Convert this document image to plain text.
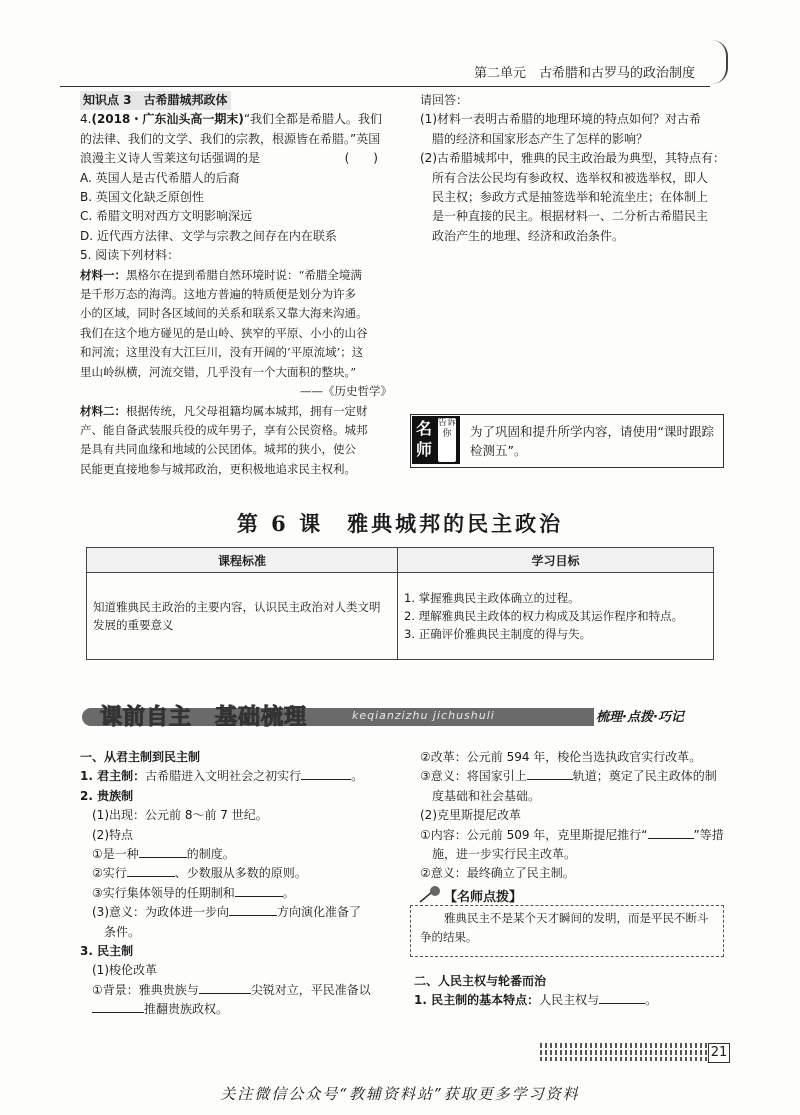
第二单元　古希腊和古罗马的政治制度

知识点 3　古希腊城邦政体

4.(2018・广东汕头高一期末)“我们全都是希腊人。我们

的法律、我们的文学、我们的宗教，根源皆在希腊。”英国

浪漫主义诗人雪莱这句话强调的是	(　　)

A. 英国人是古代希腊人的后裔

B. 英国文化缺乏原创性

C. 希腊文明对西方文明影响深远

D. 近代西方法律、文学与宗教之间存在内在联系

5. 阅读下列材料：

材料一：黑格尔在提到希腊自然环境时说：“希腊全境满

是千形万态的海湾。这地方普遍的特质便是划分为许多

小的区域，同时各区域间的关系和联系又靠大海来沟通。

我们在这个地方碰见的是山岭、狭窄的平原、小小的山谷

和河流；这里没有大江巨川，没有开阔的‘平原流域’；这

里山岭纵横，河流交错，几乎没有一个大面积的整块。”

——《历史哲学》

材料二：根据传统，凡父母祖籍均属本城邦，拥有一定财

产、能自备武装服兵役的成年男子，享有公民资格。城邦

是具有共同血缘和地域的公民团体。城邦的狭小，使公

民能更直接地参与城邦政治，更积极地追求民主权利。

请回答：

(1)材料一表明古希腊的地理环境的特点如何？对古希

腊的经济和国家形态产生了怎样的影响？

(2)古希腊城邦中，雅典的民主政治最为典型，其特点有：

所有合法公民均有参政权、选举权和被选举权，即人

民主权；参政方式是抽签选举和轮流坐庄；在体制上

是一种直接的民主。根据材料一、二分析古希腊民主

政治产生的地理、经济和政治条件。

名
师
告诉你	为了巩固和提升所学内容，请使用“课时跟踪检测五”。
第 6 课　雅典城邦的民主政治
课程标准	学习目标
知道雅典民主政治的主要内容，认识民主政治对人类文明发展的重要意义	1. 掌握雅典民主政体确立的过程。
2. 理解雅典民主政体的权力构成及其运作程序和特点。
3. 正确评价雅典民主制度的得与失。
课前自主　基础梳理	keqianzizhu jichushuli	梳理·点拨·巧记

一、从君主制到民主制

1. 君主制：古希腊进入文明社会之初实行	。

2. 贵族制

(1)出现：公元前 8～前 7 世纪。

(2)特点

①是一种	的制度。

②实行	、少数服从多数的原则。

③实行集体领导的任期制和	。

(3)意义：为政体进一步向	方向演化准备了

条件。

3. 民主制

(1)梭伦改革

①背景：雅典贵族与	尖锐对立，平民准备以

推翻贵族政权。

②改革：公元前 594 年，梭伦当选执政官实行改革。

③意义：将国家引上	轨道；奠定了民主政体的制

度基础和社会基础。

(2)克里斯提尼改革

①内容：公元前 509 年，克里斯提尼推行“	”等措

施，进一步实行民主改革。

②意义：最终确立了民主制。

【名师点拨】
雅典民主不是某个天才瞬间的发明，而是平民不断斗争的结果。

二、人民主权与轮番而治

1. 民主制的基本特点：人民主权与	。

21
关注微信公众号“教辅资料站”获取更多学习资料
